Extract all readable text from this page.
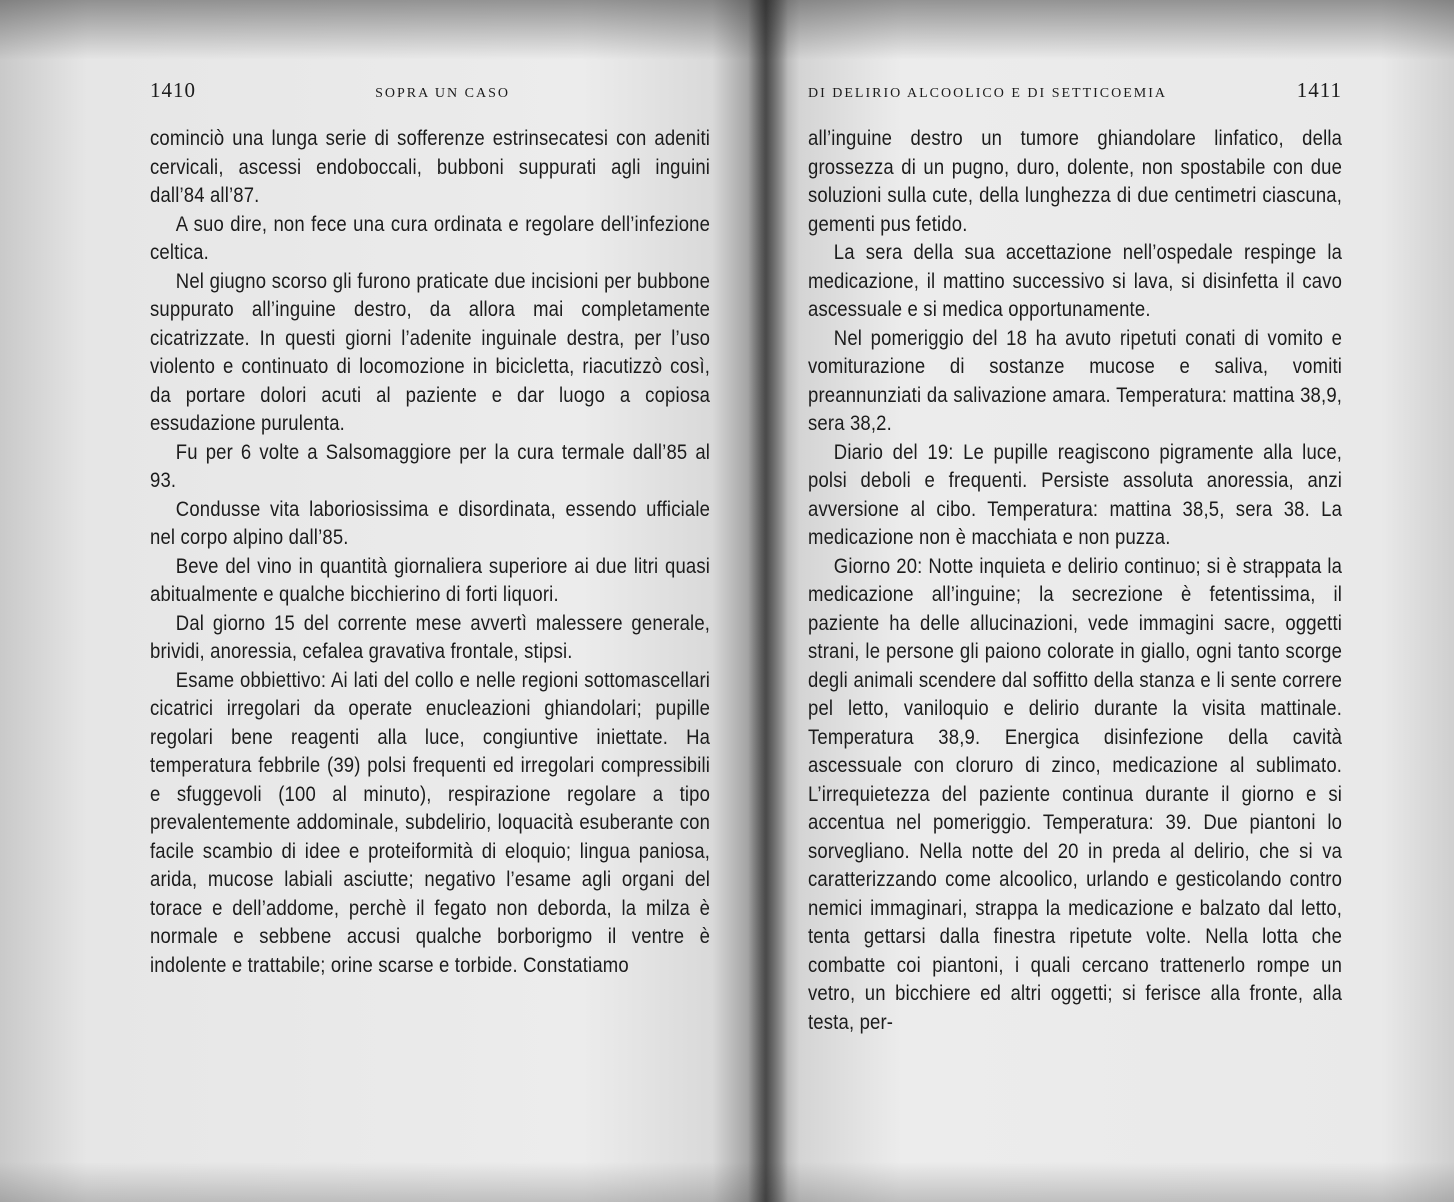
1410	SOPRA UN CASO

cominciò una lunga serie di sofferenze estrinsecatesi con adeniti cervicali, ascessi endoboccali, bubboni suppurati agli inguini dall’84 all’87.

A suo dire, non fece una cura ordinata e regolare dell’infezione celtica.

Nel giugno scorso gli furono praticate due incisioni per bubbone suppurato all’inguine destro, da allora mai completamente cicatrizzate. In questi giorni l’adenite inguinale destra, per l’uso violento e continuato di locomozione in bicicletta, riacutizzò così, da portare dolori acuti al paziente e dar luogo a copiosa essudazione purulenta.

Fu per 6 volte a Salsomaggiore per la cura termale dall’85 al 93.

Condusse vita laboriosissima e disordinata, essendo ufficiale nel corpo alpino dall’85.

Beve del vino in quantità giornaliera superiore ai due litri quasi abitualmente e qualche bicchierino di forti liquori.

Dal giorno 15 del corrente mese avvertì malessere generale, brividi, anoressia, cefalea gravativa frontale, stipsi.

Esame obbiettivo: Ai lati del collo e nelle regioni sottomascellari cicatrici irregolari da operate enucleazioni ghiandolari; pupille regolari bene reagenti alla luce, congiuntive iniettate. Ha temperatura febbrile (39) polsi frequenti ed irregolari compressibili e sfuggevoli (100 al minuto), respirazione regolare a tipo prevalentemente addominale, subdelirio, loquacità esuberante con facile scambio di idee e proteiformità di eloquio; lingua paniosa, arida, mucose labiali asciutte; negativo l’esame agli organi del torace e dell’addome, perchè il fegato non deborda, la milza è normale e sebbene accusi qualche borborigmo il ventre è indolente e trattabile; orine scarse e torbide. Constatiamo

DI DELIRIO ALCOOLICO E DI SETTICOEMIA	1411

all’inguine destro un tumore ghiandolare linfatico, della grossezza di un pugno, duro, dolente, non spostabile con due soluzioni sulla cute, della lunghezza di due centimetri ciascuna, gementi pus fetido.

La sera della sua accettazione nell’ospedale respinge la medicazione, il mattino successivo si lava, si disinfetta il cavo ascessuale e si medica opportunamente.

Nel pomeriggio del 18 ha avuto ripetuti conati di vomito e vomiturazione di sostanze mucose e saliva, vomiti preannunziati da salivazione amara. Temperatura: mattina 38,9, sera 38,2.

Diario del 19: Le pupille reagiscono pigramente alla luce, polsi deboli e frequenti. Persiste assoluta anoressia, anzi avversione al cibo. Temperatura: mattina 38,5, sera 38. La medicazione non è macchiata e non puzza.

Giorno 20: Notte inquieta e delirio continuo; si è strappata la medicazione all’inguine; la secrezione è fetentissima, il paziente ha delle allucinazioni, vede immagini sacre, oggetti strani, le persone gli paiono colorate in giallo, ogni tanto scorge degli animali scendere dal soffitto della stanza e li sente correre pel letto, vaniloquio e delirio durante la visita mattinale. Temperatura 38,9. Energica disinfezione della cavità ascessuale con cloruro di zinco, medicazione al sublimato. L’irrequietezza del paziente continua durante il giorno e si accentua nel pomeriggio. Temperatura: 39. Due piantoni lo sorvegliano. Nella notte del 20 in preda al delirio, che si va caratterizzando come alcoolico, urlando e gesticolando contro nemici immaginari, strappa la medicazione e balzato dal letto, tenta gettarsi dalla finestra ripetute volte. Nella lotta che combatte coi piantoni, i quali cercano trattenerlo rompe un vetro, un bicchiere ed altri oggetti; si ferisce alla fronte, alla testa, per-
